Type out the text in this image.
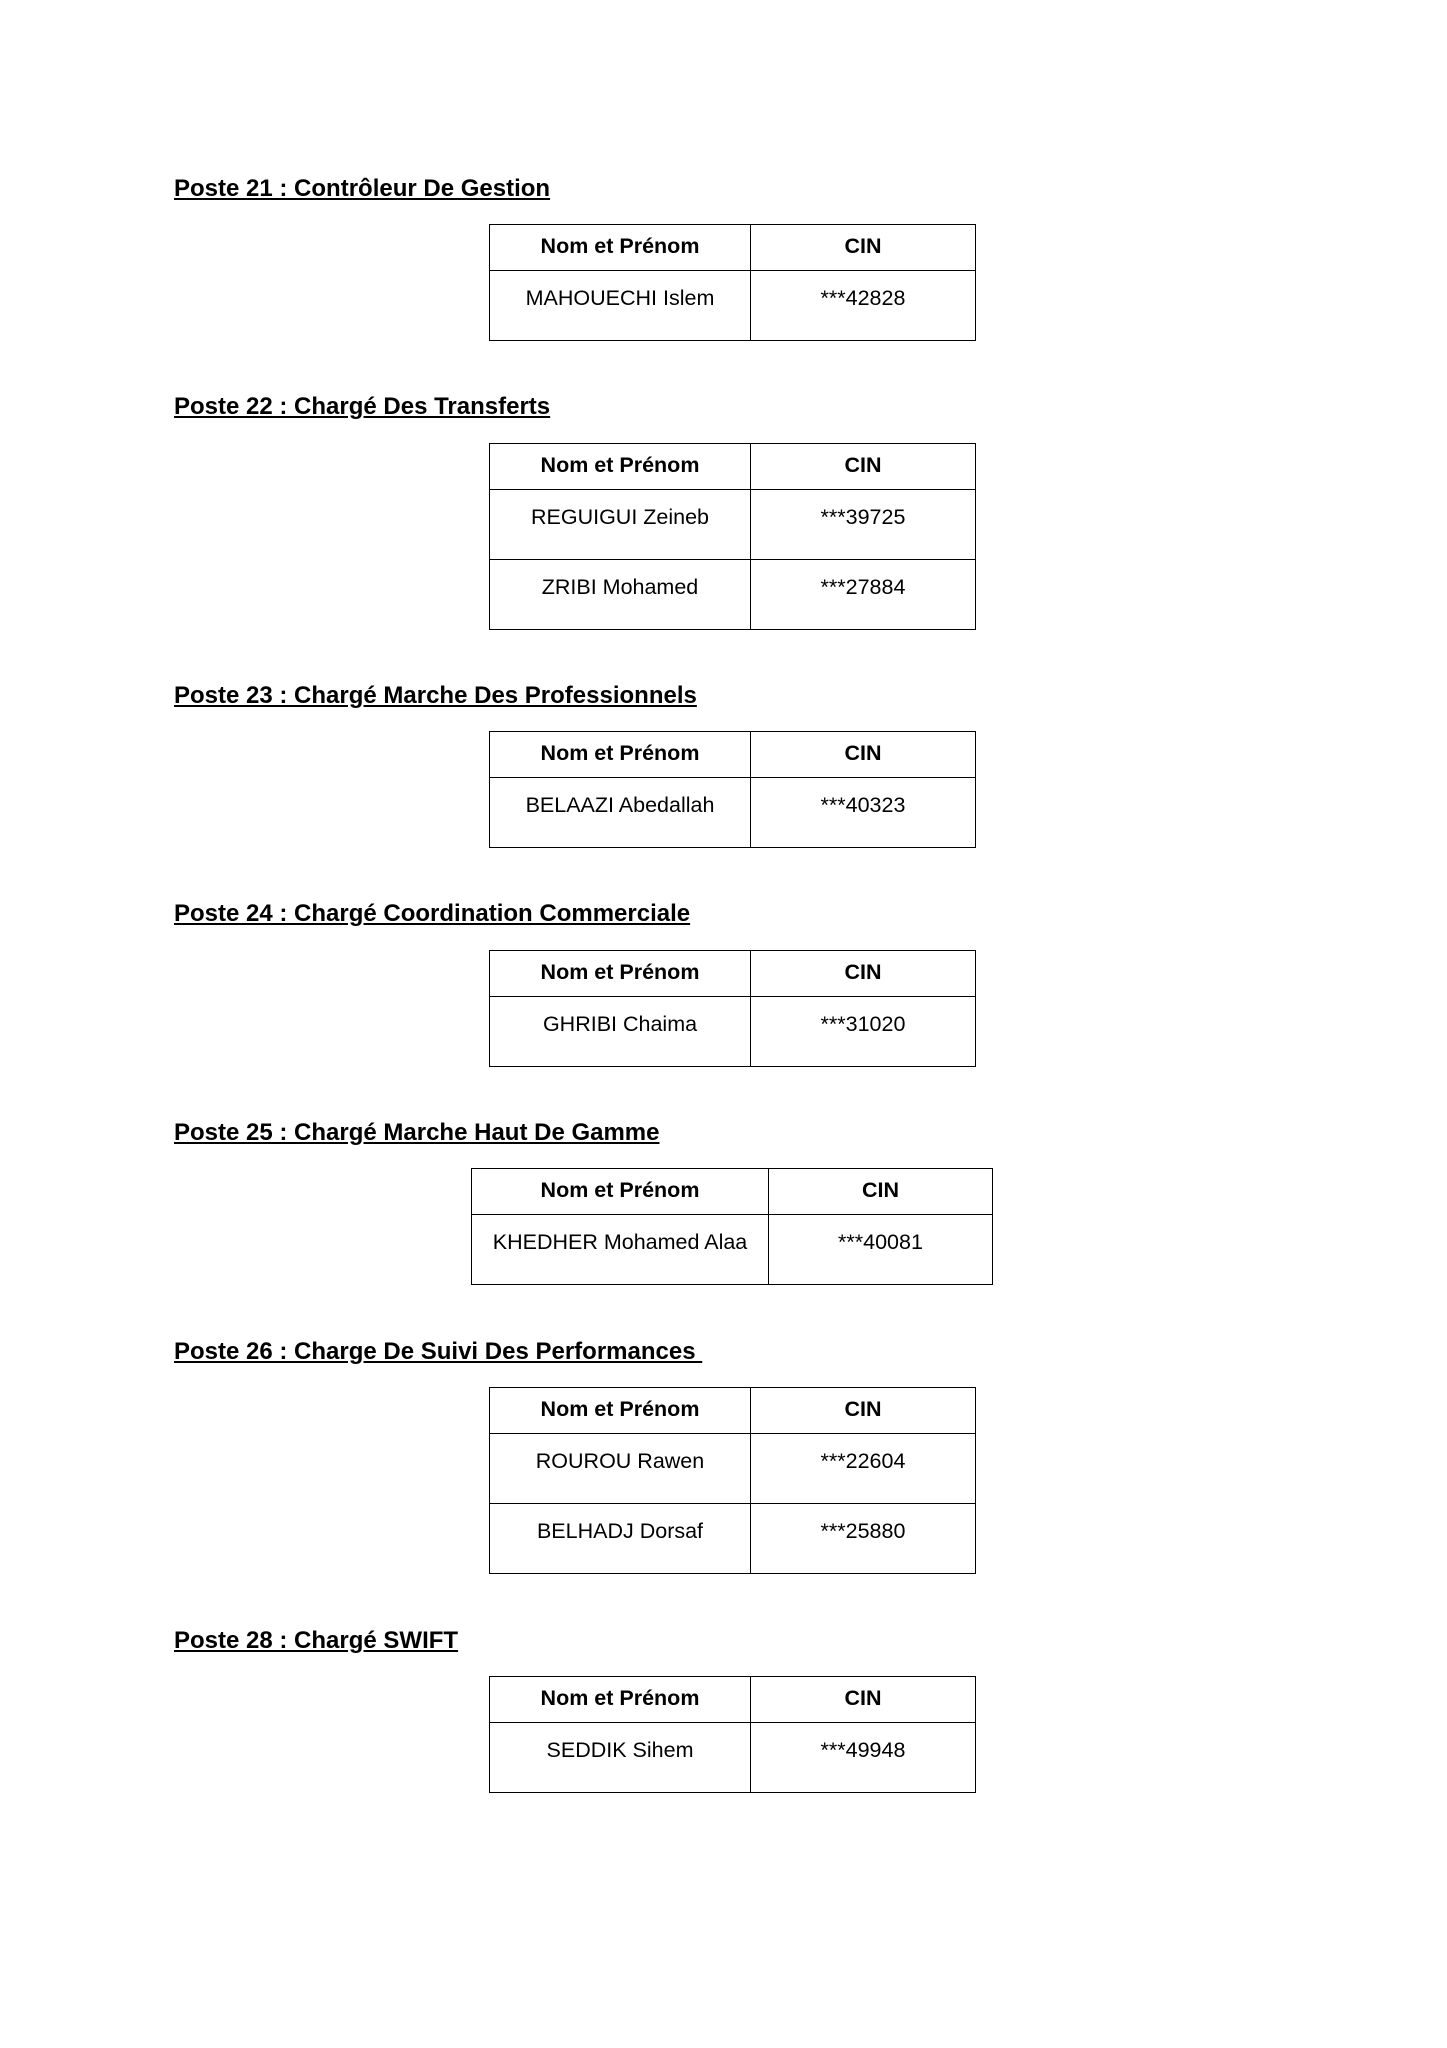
Poste 21 : Contrôleur De Gestion
Nom et Prénom	CIN
MAHOUECHI Islem	***42828
Poste 22 : Chargé Des Transferts
Nom et Prénom	CIN
REGUIGUI Zeineb	***39725
ZRIBI Mohamed	***27884
Poste 23 : Chargé Marche Des Professionnels
Nom et Prénom	CIN
BELAAZI Abedallah	***40323
Poste 24 : Chargé Coordination Commerciale
Nom et Prénom	CIN
GHRIBI Chaima	***31020
Poste 25 : Chargé Marche Haut De Gamme
Nom et Prénom	CIN
KHEDHER Mohamed Alaa	***40081
Poste 26 : Charge De Suivi Des Performances
Nom et Prénom	CIN
ROUROU Rawen	***22604
BELHADJ Dorsaf	***25880
Poste 28 : Chargé SWIFT
Nom et Prénom	CIN
SEDDIK Sihem	***49948
